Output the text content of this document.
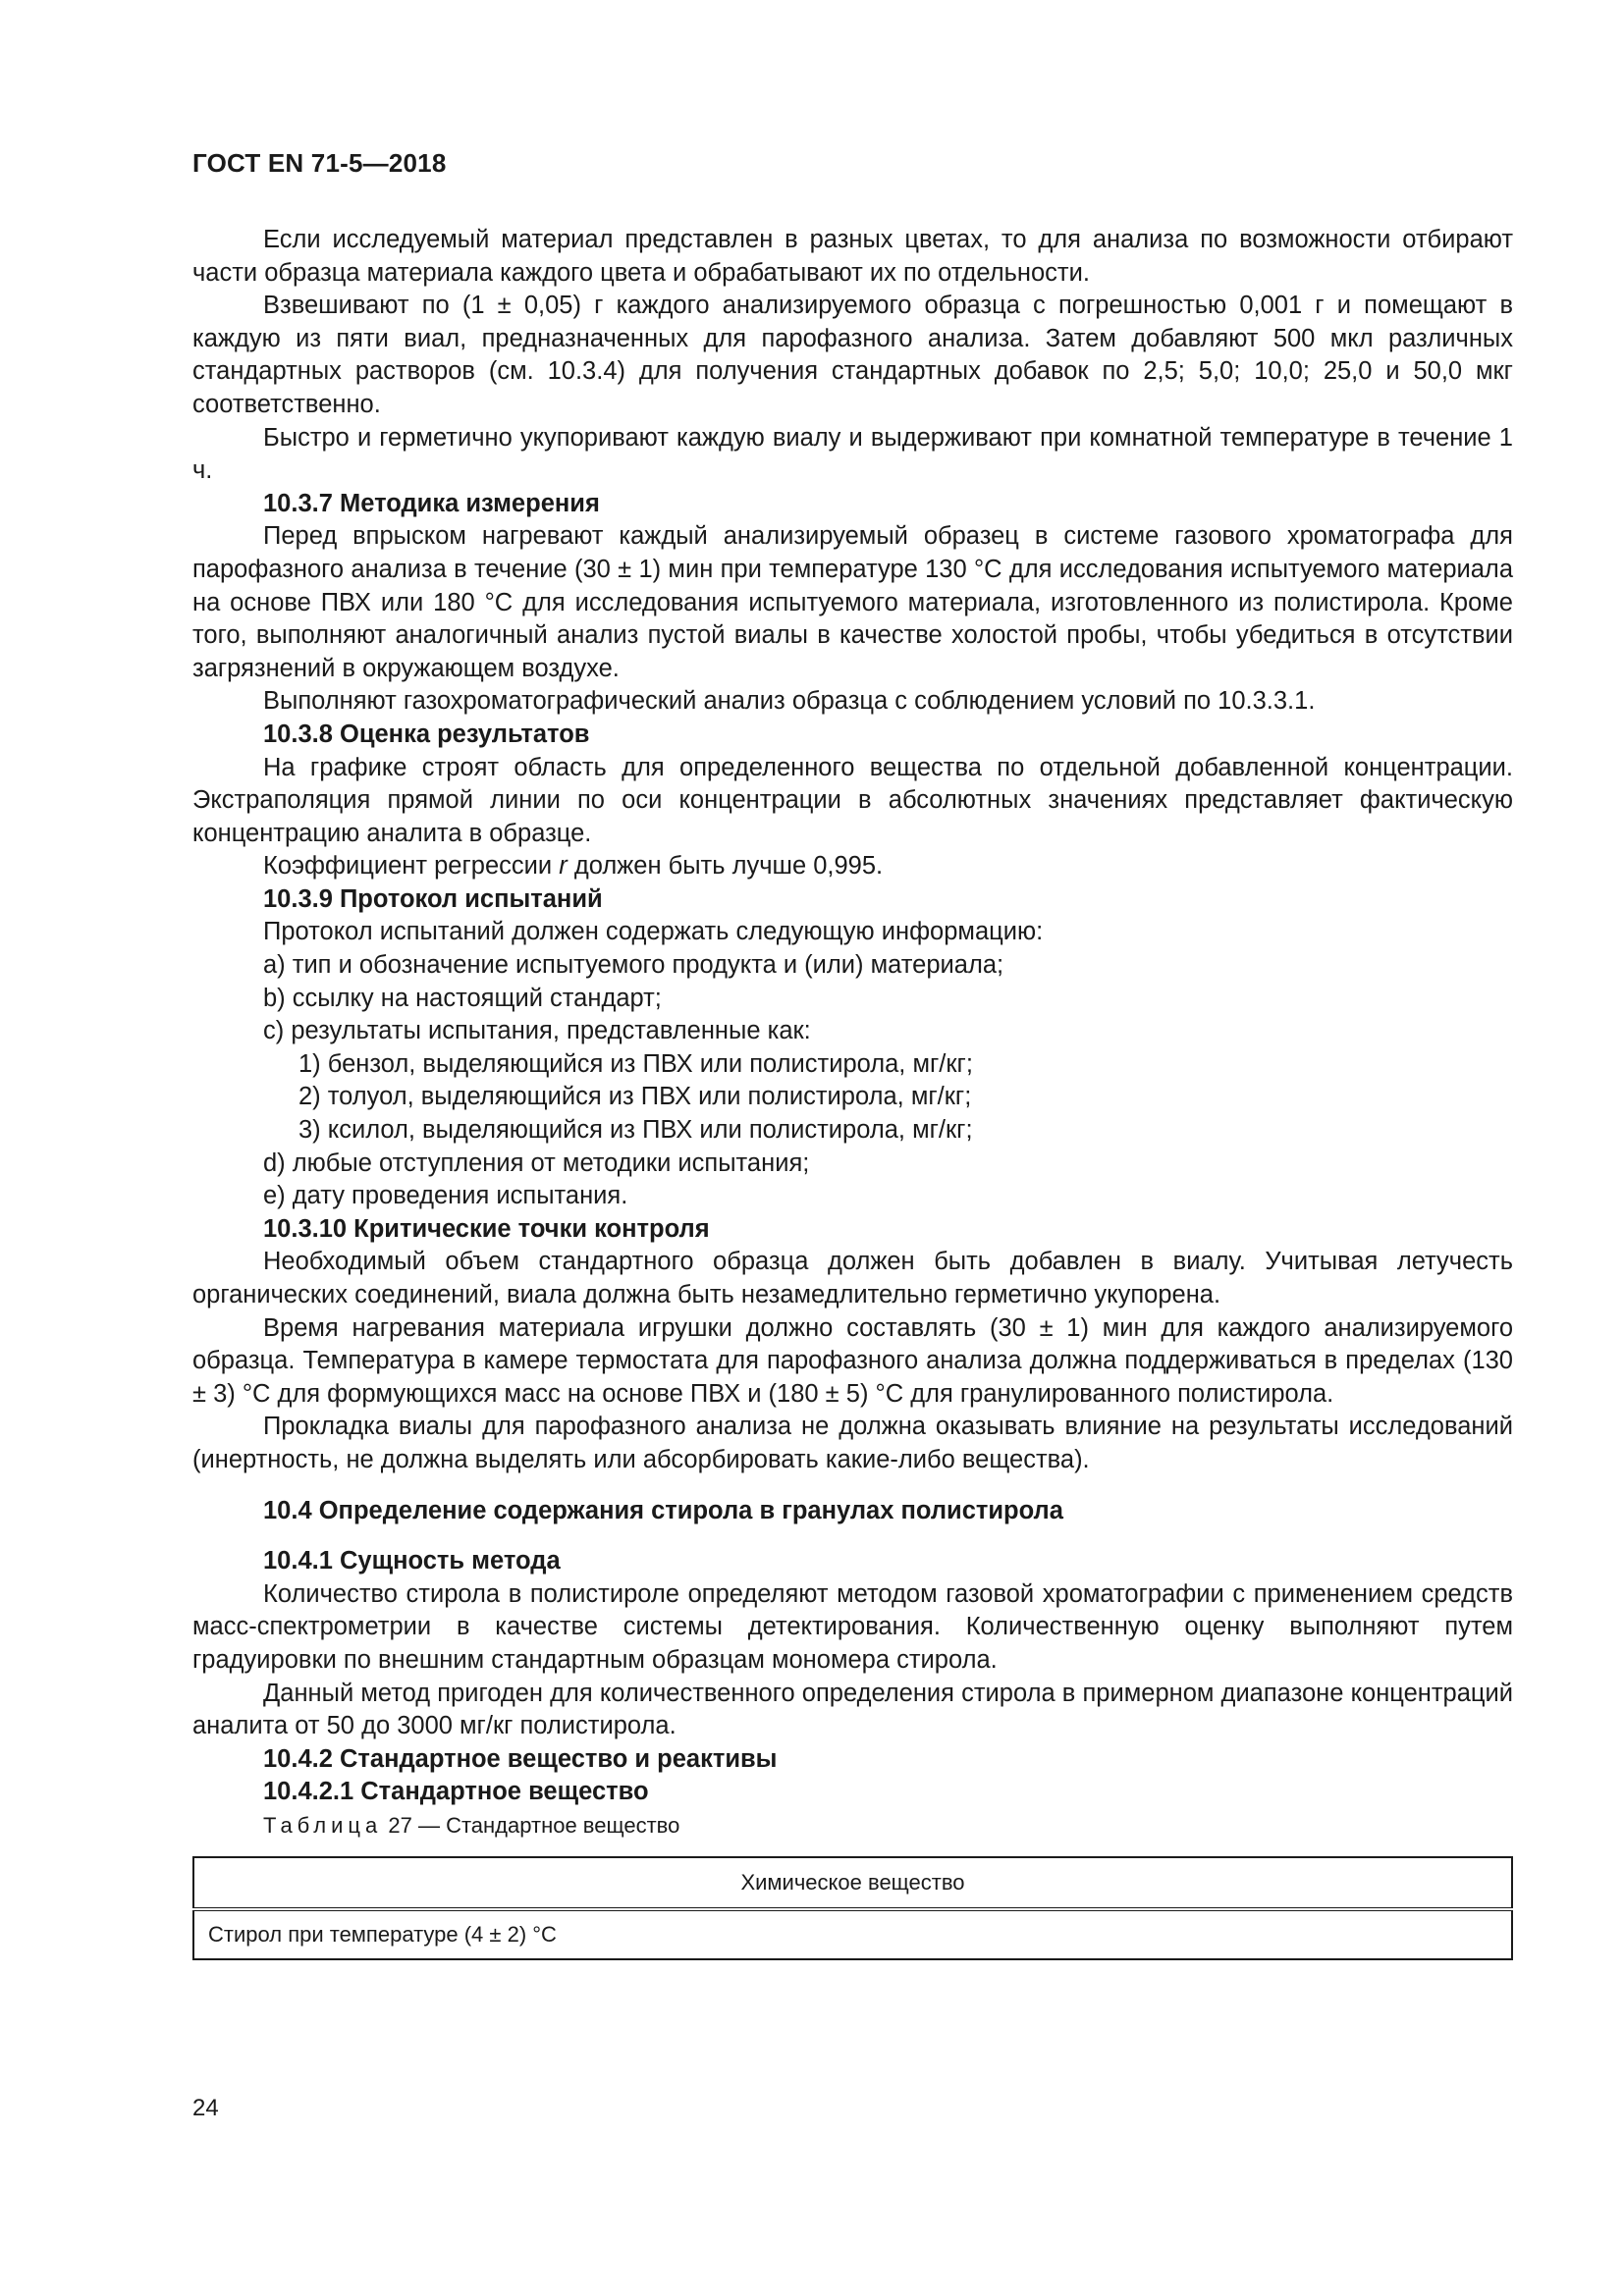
ГОСТ EN 71-5—2018

Если исследуемый материал представлен в разных цветах, то для анализа по возможности отбирают части образца материала каждого цвета и обрабатывают их по отдельности.

Взвешивают по (1 ± 0,05) г каждого анализируемого образца с погрешностью 0,001 г и помещают в каждую из пяти виал, предназначенных для парофазного анализа. Затем добавляют 500 мкл различных стандартных растворов (см. 10.3.4) для получения стандартных добавок по 2,5; 5,0; 10,0; 25,0 и 50,0 мкг соответственно.

Быстро и герметично укупоривают каждую виалу и выдерживают при комнатной температуре в течение 1 ч.

10.3.7 Методика измерения

Перед впрыском нагревают каждый анализируемый образец в системе газового хроматографа для парофазного анализа в течение (30 ± 1) мин при температуре 130 °С для исследования испытуемого материала на основе ПВХ или 180 °С для исследования испытуемого материала, изготовленного из полистирола. Кроме того, выполняют аналогичный анализ пустой виалы в качестве холостой пробы, чтобы убедиться в отсутствии загрязнений в окружающем воздухе.

Выполняют газохроматографический анализ образца с соблюдением условий по 10.3.3.1.

10.3.8 Оценка результатов

На графике строят область для определенного вещества по отдельной добавленной концентрации. Экстраполяция прямой линии по оси концентрации в абсолютных значениях представляет фактическую концентрацию аналита в образце.

Коэффициент регрессии r должен быть лучше 0,995.

10.3.9 Протокол испытаний

Протокол испытаний должен содержать следующую информацию:

а) тип и обозначение испытуемого продукта и (или) материала;

b) ссылку на настоящий стандарт;

c) результаты испытания, представленные как:

1) бензол, выделяющийся из ПВХ или полистирола, мг/кг;

2) толуол, выделяющийся из ПВХ или полистирола, мг/кг;

3) ксилол, выделяющийся из ПВХ или полистирола, мг/кг;

d) любые отступления от методики испытания;

е) дату проведения испытания.

10.3.10 Критические точки контроля

Необходимый объем стандартного образца должен быть добавлен в виалу. Учитывая летучесть органических соединений, виала должна быть незамедлительно герметично укупорена.

Время нагревания материала игрушки должно составлять (30 ± 1) мин для каждого анализируемого образца. Температура в камере термостата для парофазного анализа должна поддерживаться в пределах (130 ± 3) °С для формующихся масс на основе ПВХ и (180 ± 5) °С для гранулированного полистирола.

Прокладка виалы для парофазного анализа не должна оказывать влияние на результаты исследований (инертность, не должна выделять или абсорбировать какие-либо вещества).

10.4 Определение содержания стирола в гранулах полистирола

10.4.1 Сущность метода

Количество стирола в полистироле определяют методом газовой хроматографии с применением средств масс-спектрометрии в качестве системы детектирования. Количественную оценку выполняют путем градуировки по внешним стандартным образцам мономера стирола.

Данный метод пригоден для количественного определения стирола в примерном диапазоне концентраций аналита от 50 до 3000 мг/кг полистирола.

10.4.2 Стандартное вещество и реактивы

10.4.2.1 Стандартное вещество

Таблица 27 — Стандартное вещество

Химическое вещество
Стирол при температуре (4 ± 2) °С
24
